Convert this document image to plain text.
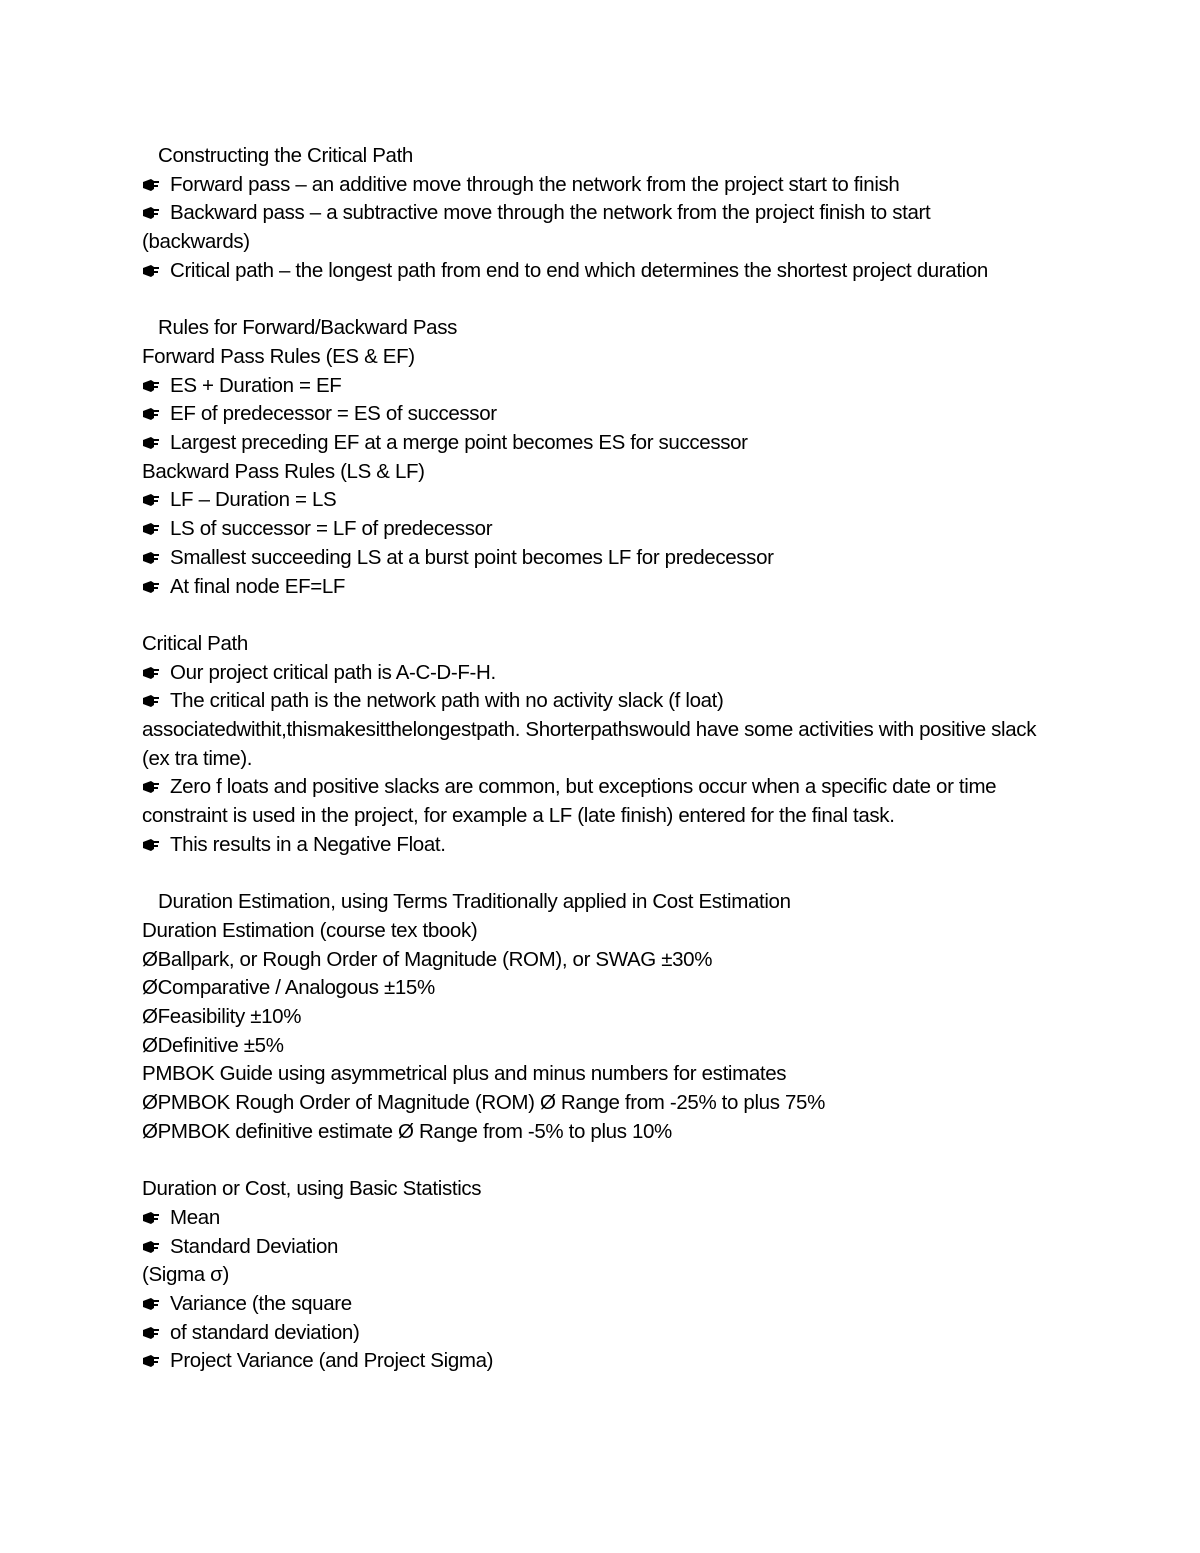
Constructing the Critical Path
Forward pass – an additive move through the network from the project start to finish
Backward pass – a subtractive move through the network from the project finish to start (backwards)
Critical path – the longest path from end to end which determines the shortest project duration
Rules for Forward/Backward Pass
Forward Pass Rules (ES & EF)
ES + Duration = EF
EF of predecessor = ES of successor
Largest preceding EF at a merge point becomes ES for successor
Backward Pass Rules (LS & LF)
LF – Duration = LS
LS of successor = LF of predecessor
Smallest succeeding LS at a burst point becomes LF for predecessor
At final node EF=LF
Critical Path
Our project critical path is A-C-D-F-H.
The critical path is the network path with no activity slack (f loat) associatedwithit,thismakesitthelongestpath. Shorterpathswould have some activities with positive slack (ex tra time).
Zero f loats and positive slacks are common, but exceptions occur when a specific date or time constraint is used in the project, for example a LF (late finish) entered for the final task.
This results in a Negative Float.
Duration Estimation, using Terms Traditionally applied in Cost Estimation
Duration Estimation (course tex tbook)
ØBallpark, or Rough Order of Magnitude (ROM), or SWAG ±30%
ØComparative / Analogous ±15%
ØFeasibility ±10%
ØDefinitive ±5%
PMBOK Guide using asymmetrical plus and minus numbers for estimates
ØPMBOK Rough Order of Magnitude (ROM) Ø Range from -25% to plus 75%
ØPMBOK definitive estimate Ø Range from -5% to plus 10%
Duration or Cost, using Basic Statistics
Mean
Standard Deviation
(Sigma σ)
Variance (the square
of standard deviation)
Project Variance (and Project Sigma)
